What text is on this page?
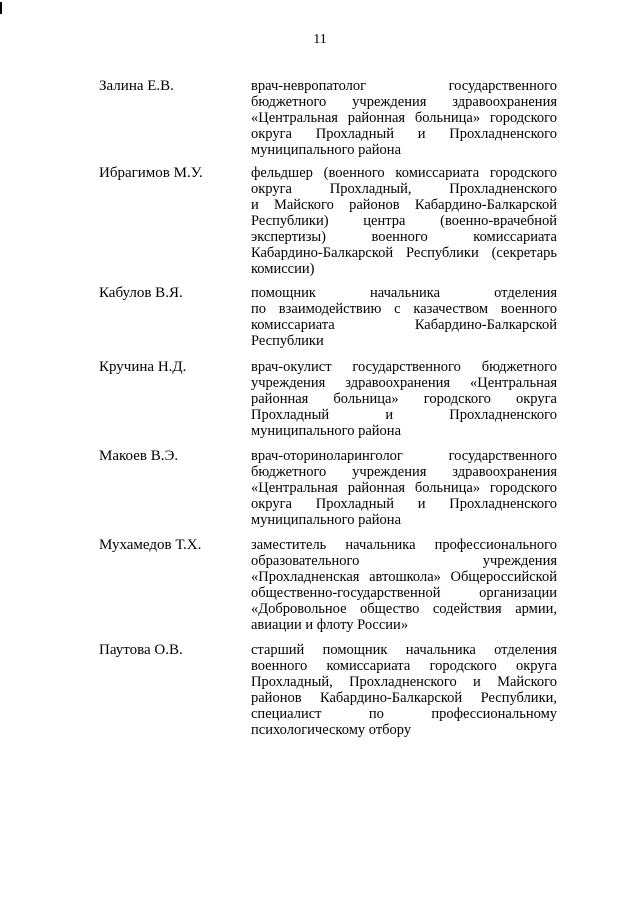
11
Залина Е.В.	врач-невропатолог государственного
бюджетного учреждения здравоохранения
«Центральная районная больница» городского
округа Прохладный и Прохладненского
муниципального района
Ибрагимов М.У.	фельдшер (военного комиссариата городского
округа Прохладный, Прохладненского
и Майского районов Кабардино-Балкарской
Республики) центра (военно-врачебной
экспертизы) военного комиссариата
Кабардино-Балкарской Республики (секретарь
комиссии)
Кабулов В.Я.	помощник начальника отделения
по взаимодействию с казачеством военного
комиссариата Кабардино-Балкарской
Республики
Кручина Н.Д.	врач-окулист государственного бюджетного
учреждения здравоохранения «Центральная
районная больница» городского округа
Прохладный и Прохладненского
муниципального района
Макоев В.Э.	врач-оториноларинголог государственного
бюджетного учреждения здравоохранения
«Центральная районная больница» городского
округа Прохладный и Прохладненского
муниципального района
Мухамедов Т.Х.	заместитель начальника профессионального
образовательного учреждения
«Прохладненская автошкола» Общероссийской
общественно-государственной организации
«Добровольное общество содействия армии,
авиации и флоту России»
Паутова О.В.	старший помощник начальника отделения
военного комиссариата городского округа
Прохладный, Прохладненского и Майского
районов Кабардино-Балкарской Республики,
специалист по профессиональному
психологическому отбору
